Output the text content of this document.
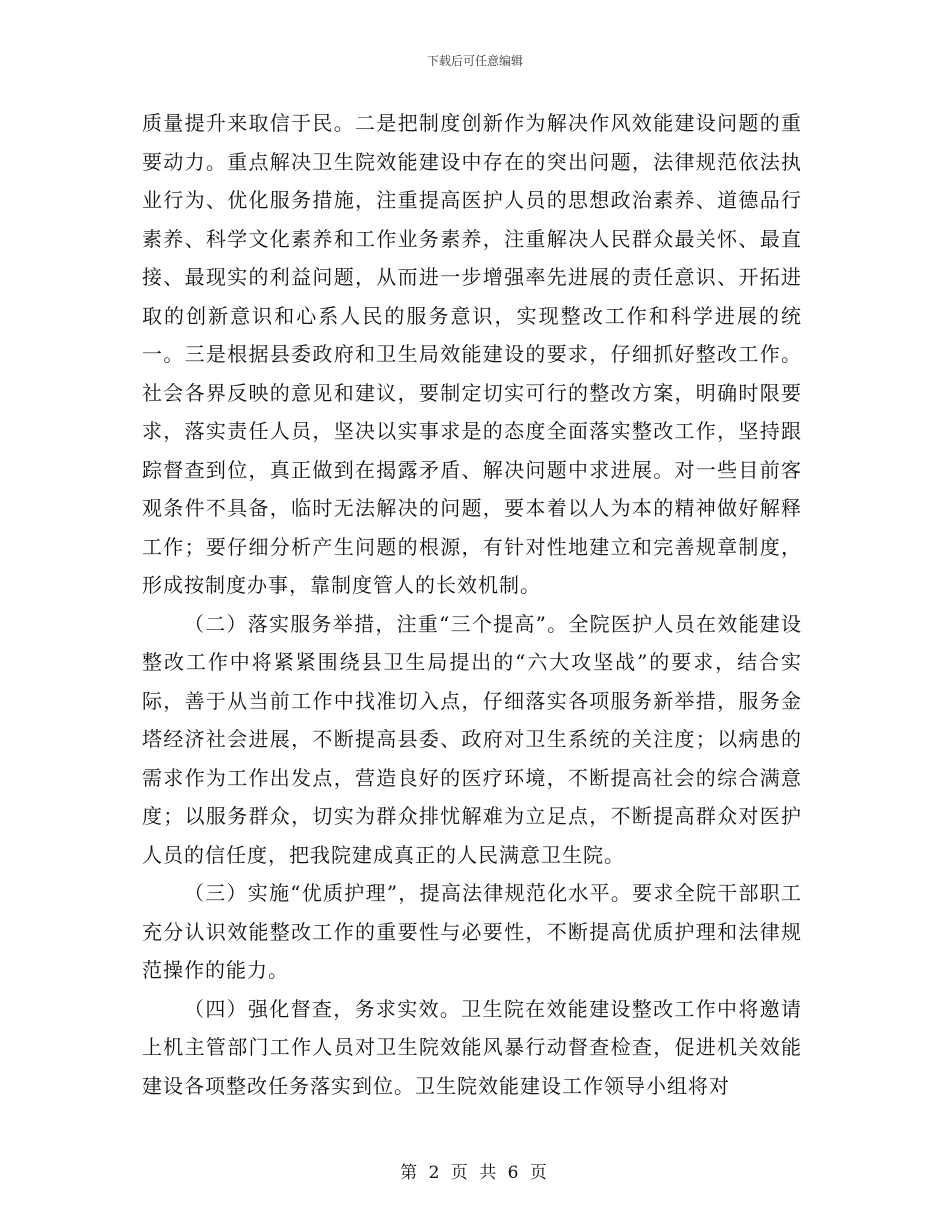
下载后可任意编辑

质量提升来取信于民。二是把制度创新作为解决作风效能建设问题的重要动力。重点解决卫生院效能建设中存在的突出问题，法律规范依法执业行为、优化服务措施，注重提高医护人员的思想政治素养、道德品行素养、科学文化素养和工作业务素养，注重解决人民群众最关怀、最直接、最现实的利益问题，从而进一步增强率先进展的责任意识、开拓进取的创新意识和心系人民的服务意识，实现整改工作和科学进展的统一。三是根据县委政府和卫生局效能建设的要求，仔细抓好整改工作。社会各界反映的意见和建议，要制定切实可行的整改方案，明确时限要求，落实责任人员，坚决以实事求是的态度全面落实整改工作，坚持跟踪督查到位，真正做到在揭露矛盾、解决问题中求进展。对一些目前客观条件不具备，临时无法解决的问题，要本着以人为本的精神做好解释工作；要仔细分析产生问题的根源，有针对性地建立和完善规章制度，形成按制度办事，靠制度管人的长效机制。

（二）落实服务举措，注重“三个提高”。全院医护人员在效能建设整改工作中将紧紧围绕县卫生局提出的“六大攻坚战”的要求，结合实际，善于从当前工作中找准切入点，仔细落实各项服务新举措，服务金塔经济社会进展，不断提高县委、政府对卫生系统的关注度；以病患的需求作为工作出发点，营造良好的医疗环境，不断提高社会的综合满意度；以服务群众，切实为群众排忧解难为立足点，不断提高群众对医护人员的信任度，把我院建成真正的人民满意卫生院。

（三）实施“优质护理”，提高法律规范化水平。要求全院干部职工充分认识效能整改工作的重要性与必要性，不断提高优质护理和法律规范操作的能力。

（四）强化督查，务求实效。卫生院在效能建设整改工作中将邀请上机主管部门工作人员对卫生院效能风暴行动督查检查，促进机关效能建设各项整改任务落实到位。卫生院效能建设工作领导小组将对

第 2 页 共 6 页
